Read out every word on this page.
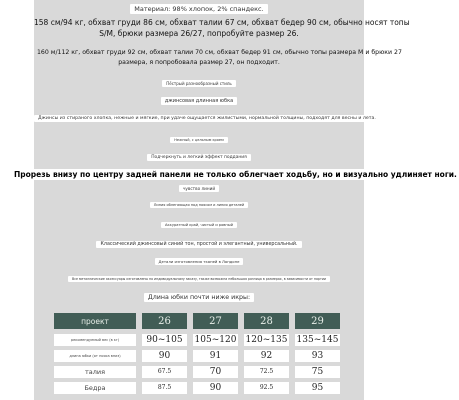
Материал: 98% хлопок, 2% спандекс.
158 см/94 кг, обхват груди 86 см, обхват талии 67 см, обхват бедер 90 см, обычно носят топы
S/M, брюки размера 26/27, попробуйте размер 26.
160 м/112 кг, обхват груди 92 см, обхват талии 70 см, обхват бедер 91 см, обычно топы размера M и брюки 27
размера, я попробовала размер 27, он подходит.
Пёстрый разнообразный стиль
джинсовая длинная юбка
Джинсы из стираного хлопка, нежные и мягкие, при удаче ощущается жилистыми, нормальной толщины, подходят для весны и лета.
Нежный, с цельным кроем
Подчеркнуть и легкий эффект поддания
Прорезь внизу по центру задней панели не только облегчает ходьбу, но и визуально удлиняет ноги.
чувство линий
Линия облегающая под поясом и линия деталей
Аккуратный край, чистый и ровный
Классический джинсовый синий тон, простой и элегантный, универсальный.
Детали изготовления тканей в Лондоне
Все металлические аксессуары изготовлены по индивидуальному заказу, также возможна небольшая разница в размерах, в зависимости от партии
Длина юбки почти ниже икры:
проект	26	27	28	29
рекомендуемый вес (в кг)	90~105	105~120 120~135 135~145
длина юбки (от пояса вниз)	90	91	92	93
талия	67.5	70	72.5	75
Бедра	87.5	90	92.5	95
